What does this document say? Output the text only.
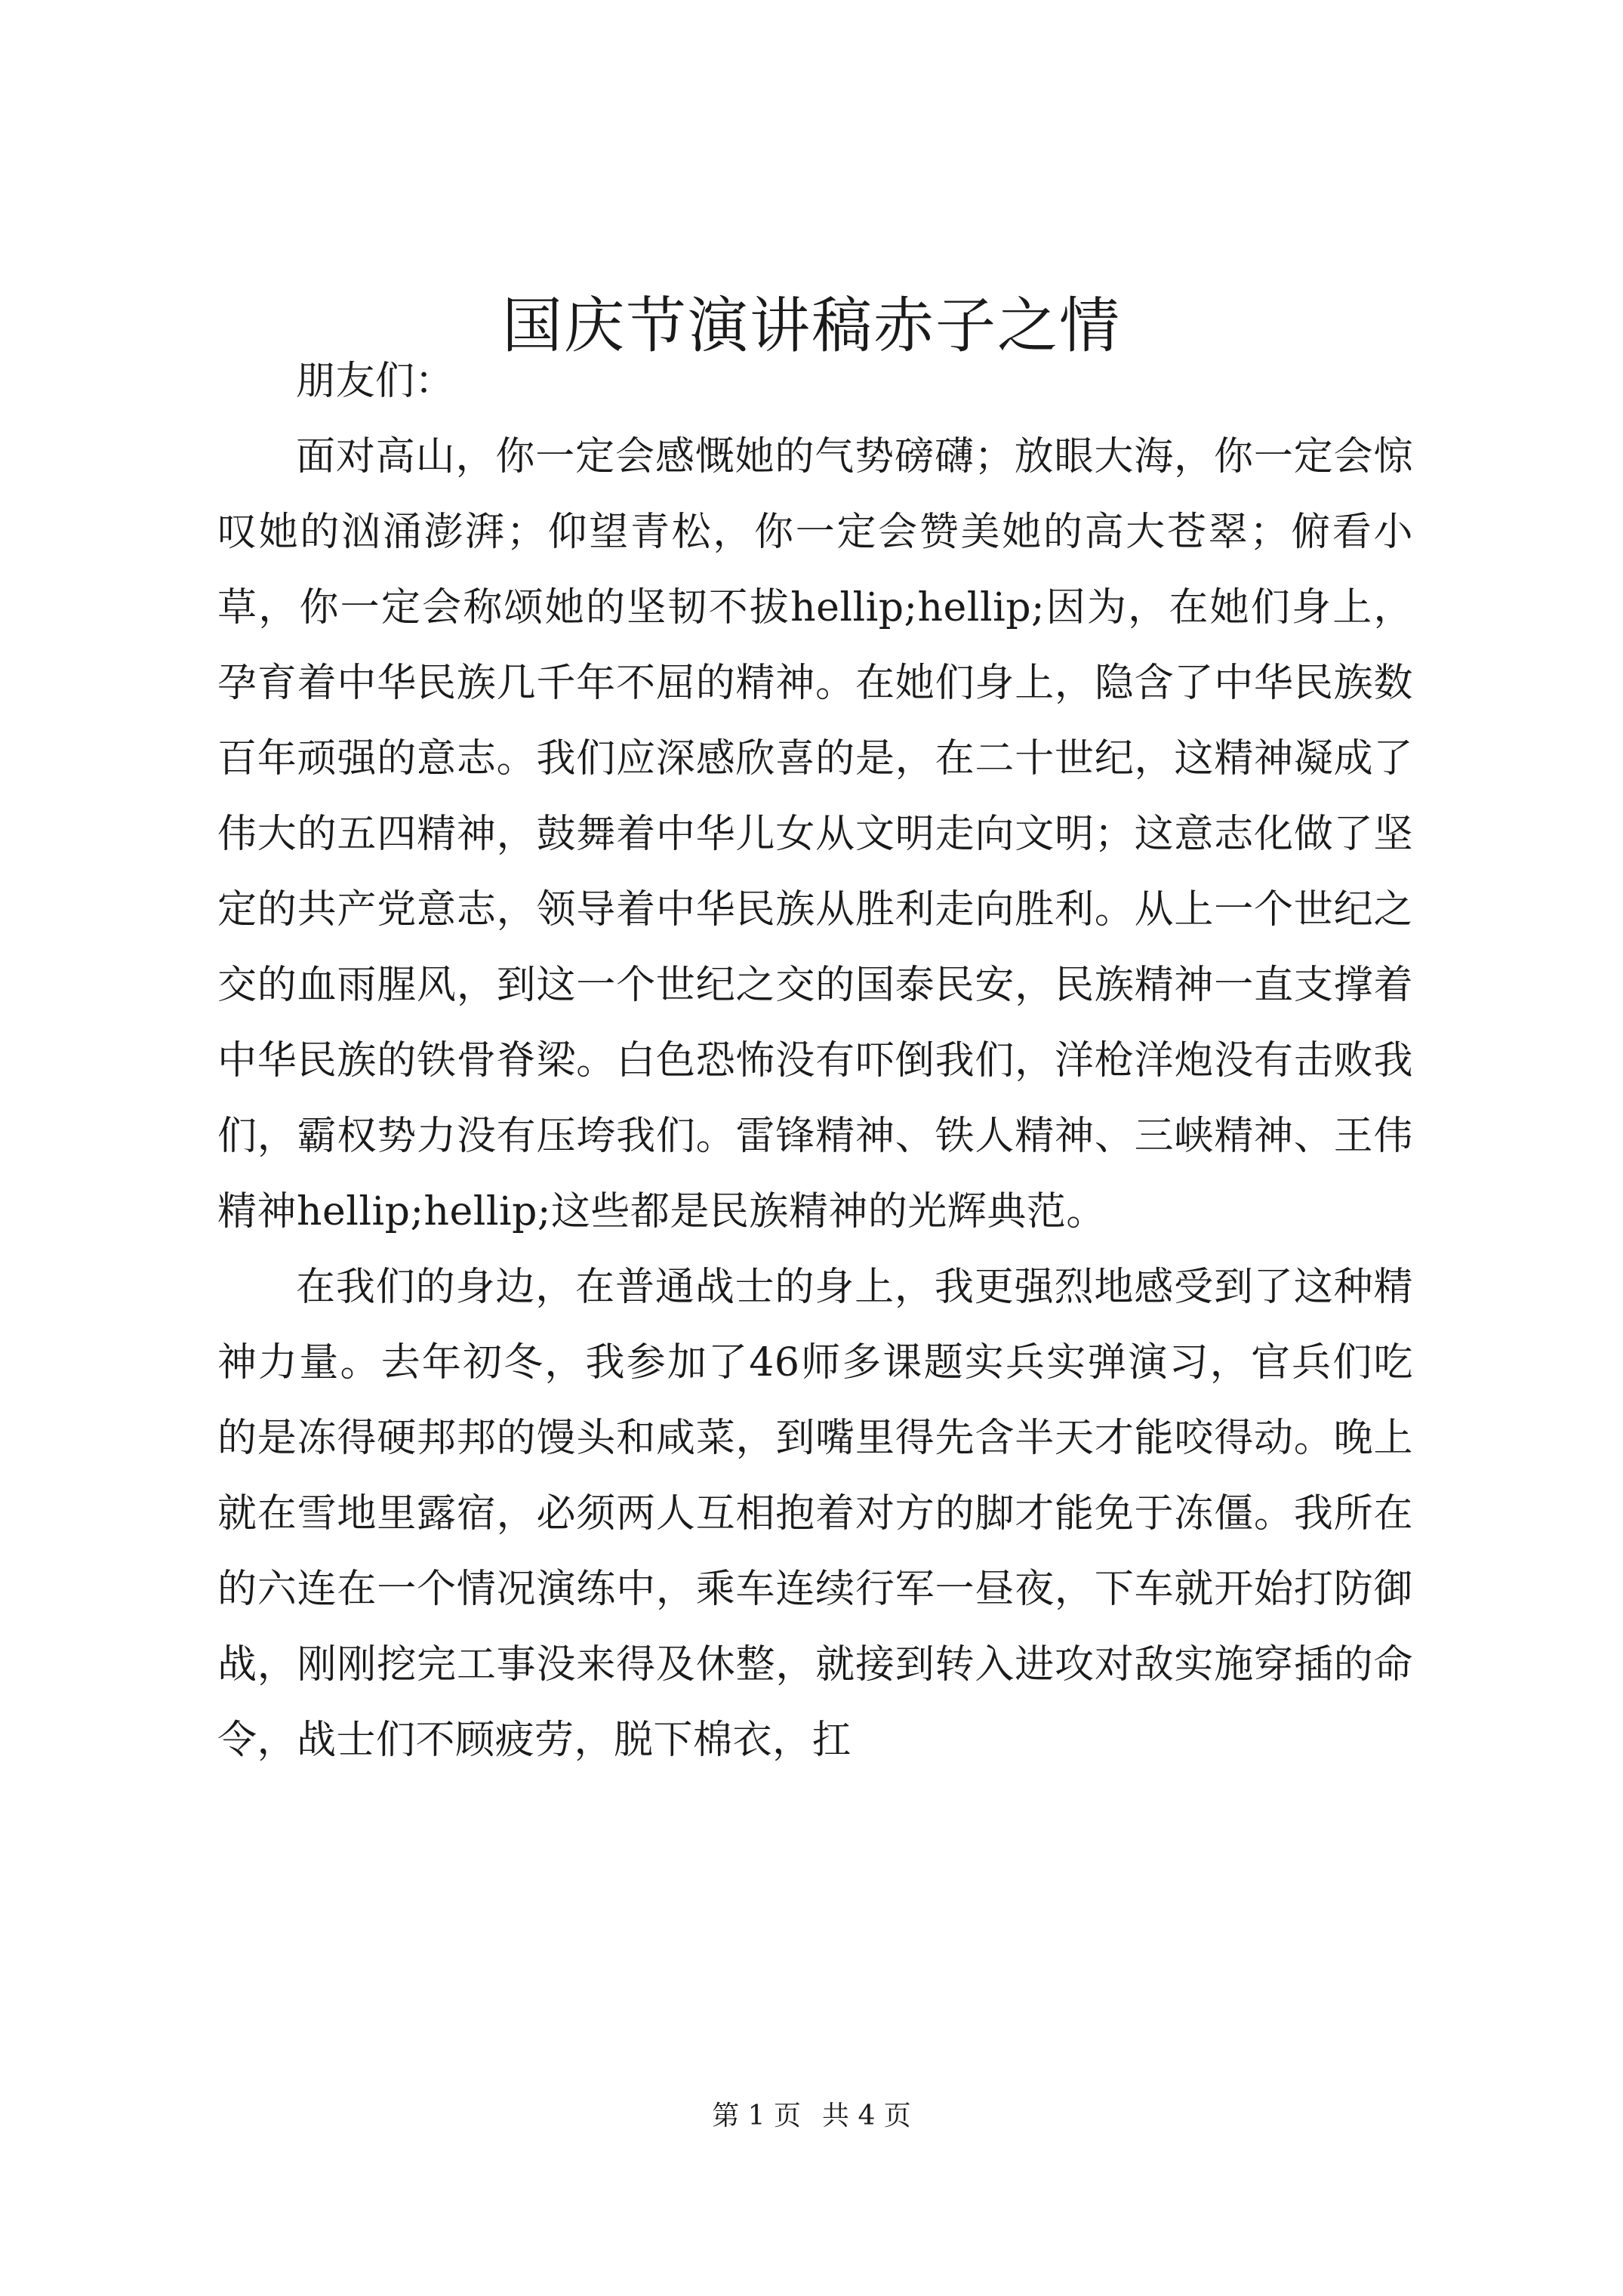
国庆节演讲稿赤子之情

朋友们：

面对高山，你一定会感慨她的气势磅礴；放眼大海，你一定会惊叹她的汹涌澎湃；仰望青松，你一定会赞美她的高大苍翠；俯看小草，你一定会称颂她的坚韧不拔hellip;hellip;因为，在她们身上，孕育着中华民族几千年不屈的精神。在她们身上，隐含了中华民族数百年顽强的意志。我们应深感欣喜的是，在二十世纪，这精神凝成了伟大的五四精神，鼓舞着中华儿女从文明走向文明；这意志化做了坚定的共产党意志，领导着中华民族从胜利走向胜利。从上一个世纪之交的血雨腥风，到这一个世纪之交的国泰民安，民族精神一直支撑着中华民族的铁骨脊梁。白色恐怖没有吓倒我们，洋枪洋炮没有击败我们，霸权势力没有压垮我们。雷锋精神、铁人精神、三峡精神、王伟精神hellip;hellip;这些都是民族精神的光辉典范。

在我们的身边，在普通战士的身上，我更强烈地感受到了这种精神力量。去年初冬，我参加了46师多课题实兵实弹演习，官兵们吃的是冻得硬邦邦的馒头和咸菜，到嘴里得先含半天才能咬得动。晚上就在雪地里露宿，必须两人互相抱着对方的脚才能免于冻僵。我所在的六连在一个情况演练中，乘车连续行军一昼夜，下车就开始打防御战，刚刚挖完工事没来得及休整，就接到转入进攻对敌实施穿插的命令，战士们不顾疲劳，脱下棉衣，扛

第 1 页 共 4 页
